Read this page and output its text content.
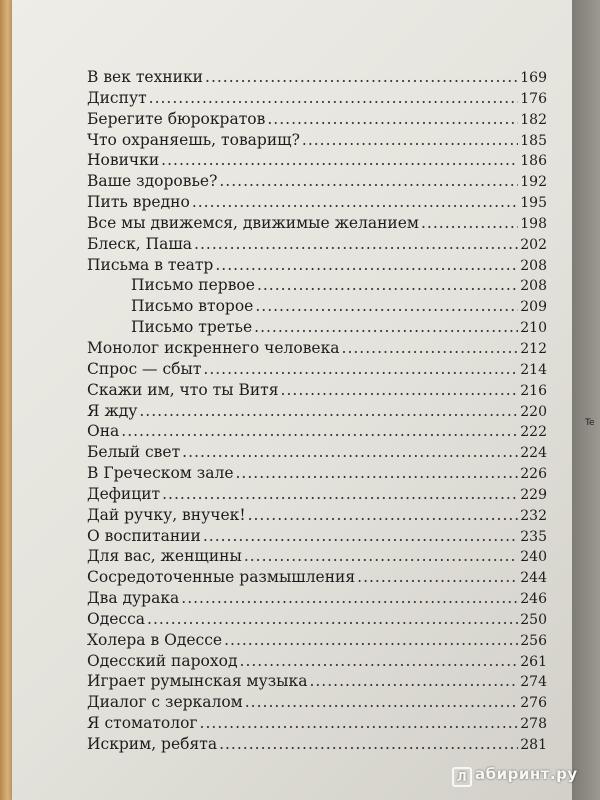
В век техники .....	169
Диспут .....	176
Берегите бюрократов .....	182
Что охраняешь, товарищ? .....	185
Новички .....	186
Ваше здоровье? .....	192
Пить вредно .....	195
Все мы движемся, движимые желанием .....	198
Блеск, Паша .....	202
Письма в театр .....	208
Письмо первое .....	208
Письмо второе .....	209
Письмо третье .....	210
Монолог искреннего человека .....	212
Спрос — сбыт .....	214
Скажи им, что ты Витя .....	216
Я жду .....	220
Она .....	222
Белый свет .....	224
В Греческом зале .....	226
Дефицит .....	229
Дай ручку, внучек! .....	232
О воспитании .....	235
Для вас, женщины .....	240
Сосредоточенные размышления .....	244
Два дурака .....	246
Одесса .....	250
Холера в Одессе .....	256
Одесский пароход .....	261
Играет румынская музыка .....	274
Диалог с зеркалом .....	276
Я стоматолог .....	278
Искрим, ребята .....	281
Te
Л абиринт.ру
